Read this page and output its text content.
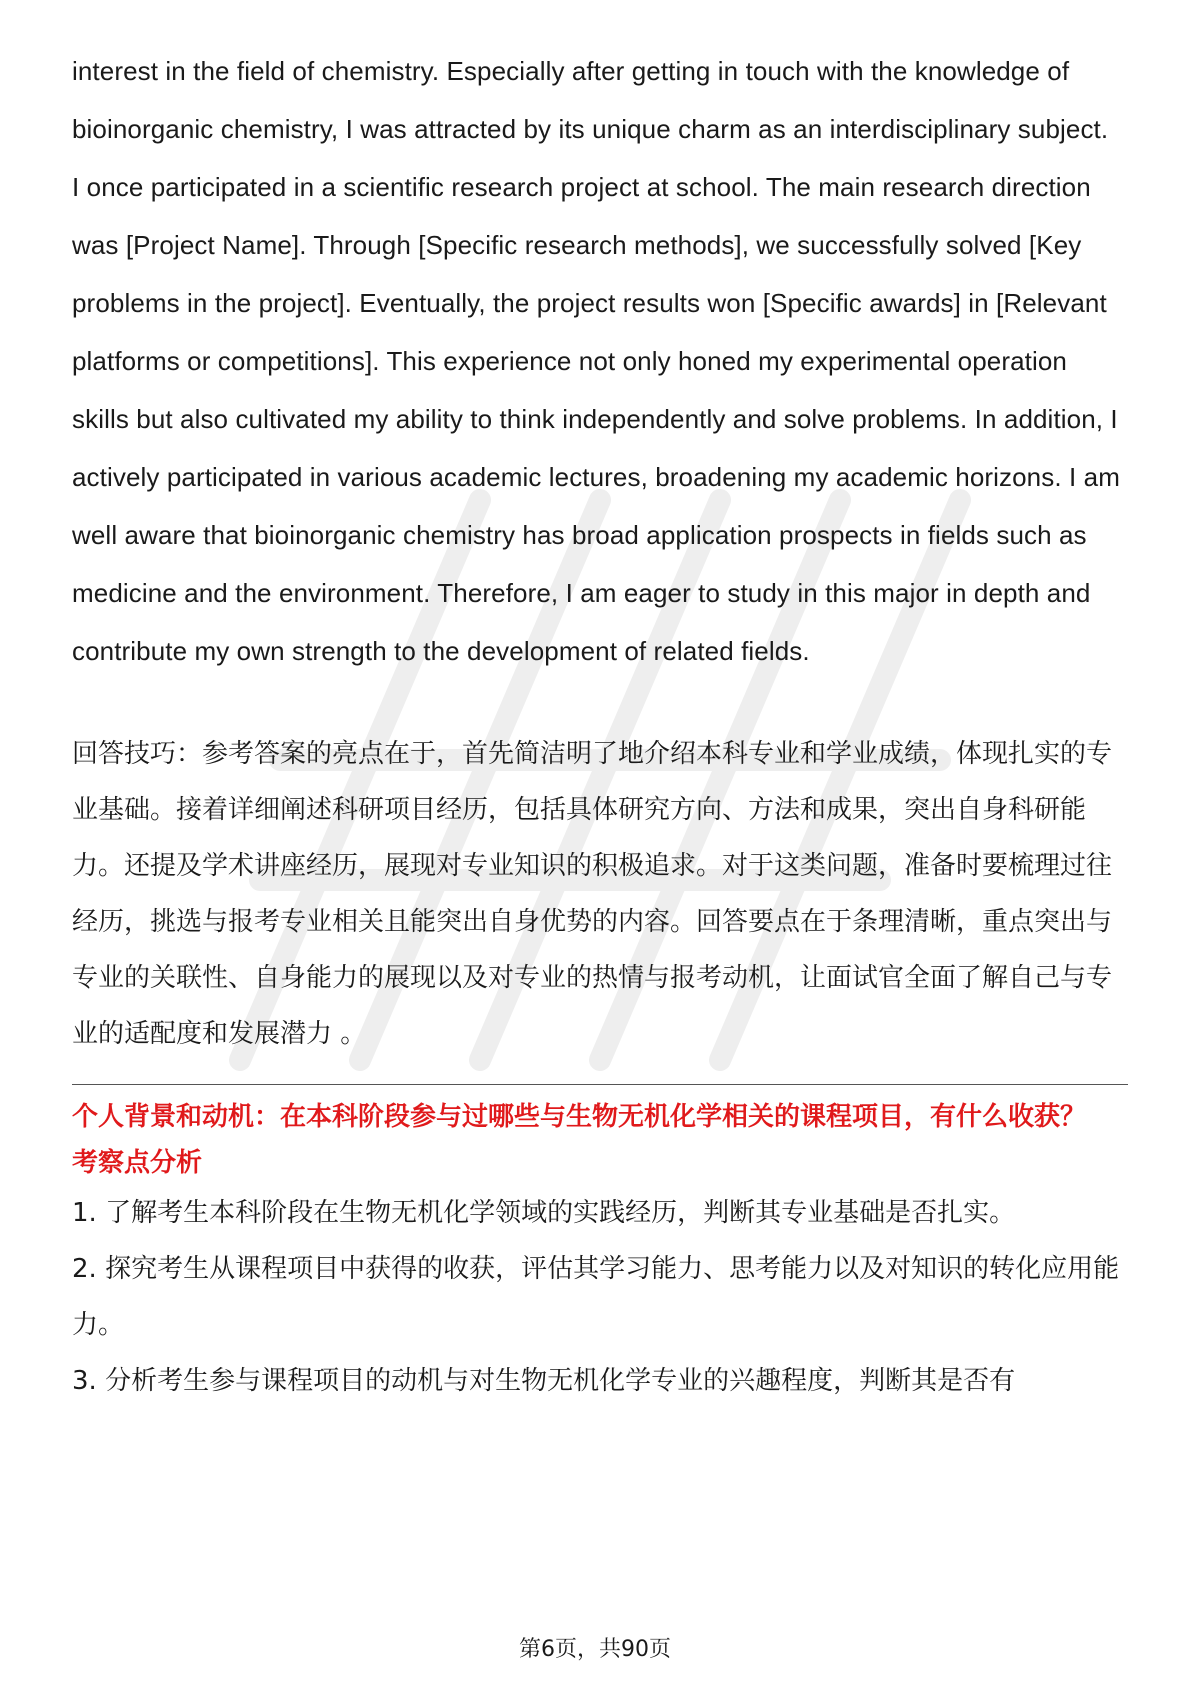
interest in the field of chemistry. Especially after getting in touch with the knowledge of bioinorganic chemistry, I was attracted by its unique charm as an interdisciplinary subject.

I once participated in a scientific research project at school. The main research direction was [Project Name]. Through [Specific research methods], we successfully solved [Key problems in the project]. Eventually, the project results won [Specific awards] in [Relevant platforms or competitions]. This experience not only honed my experimental operation skills but also cultivated my ability to think independently and solve problems. In addition, I actively participated in various academic lectures, broadening my academic horizons. I am well aware that bioinorganic chemistry has broad application prospects in fields such as medicine and the environment. Therefore, I am eager to study in this major in depth and contribute my own strength to the development of related fields.

回答技巧：参考答案的亮点在于，首先简洁明了地介绍本科专业和学业成绩，体现扎实的专业基础。接着详细阐述科研项目经历，包括具体研究方向、方法和成果，突出自身科研能力。还提及学术讲座经历，展现对专业知识的积极追求。对于这类问题，准备时要梳理过往经历，挑选与报考专业相关且能突出自身优势的内容。回答要点在于条理清晰，重点突出与专业的关联性、自身能力的展现以及对专业的热情与报考动机，让面试官全面了解自己与专业的适配度和发展潜力 。

个人背景和动机：在本科阶段参与过哪些与生物无机化学相关的课程项目，有什么收获？

考察点分析

1. 了解考生本科阶段在生物无机化学领域的实践经历，判断其专业基础是否扎实。

2. 探究考生从课程项目中获得的收获，评估其学习能力、思考能力以及对知识的转化应用能力。

3. 分析考生参与课程项目的动机与对生物无机化学专业的兴趣程度，判断其是否有

第6页，共90页
